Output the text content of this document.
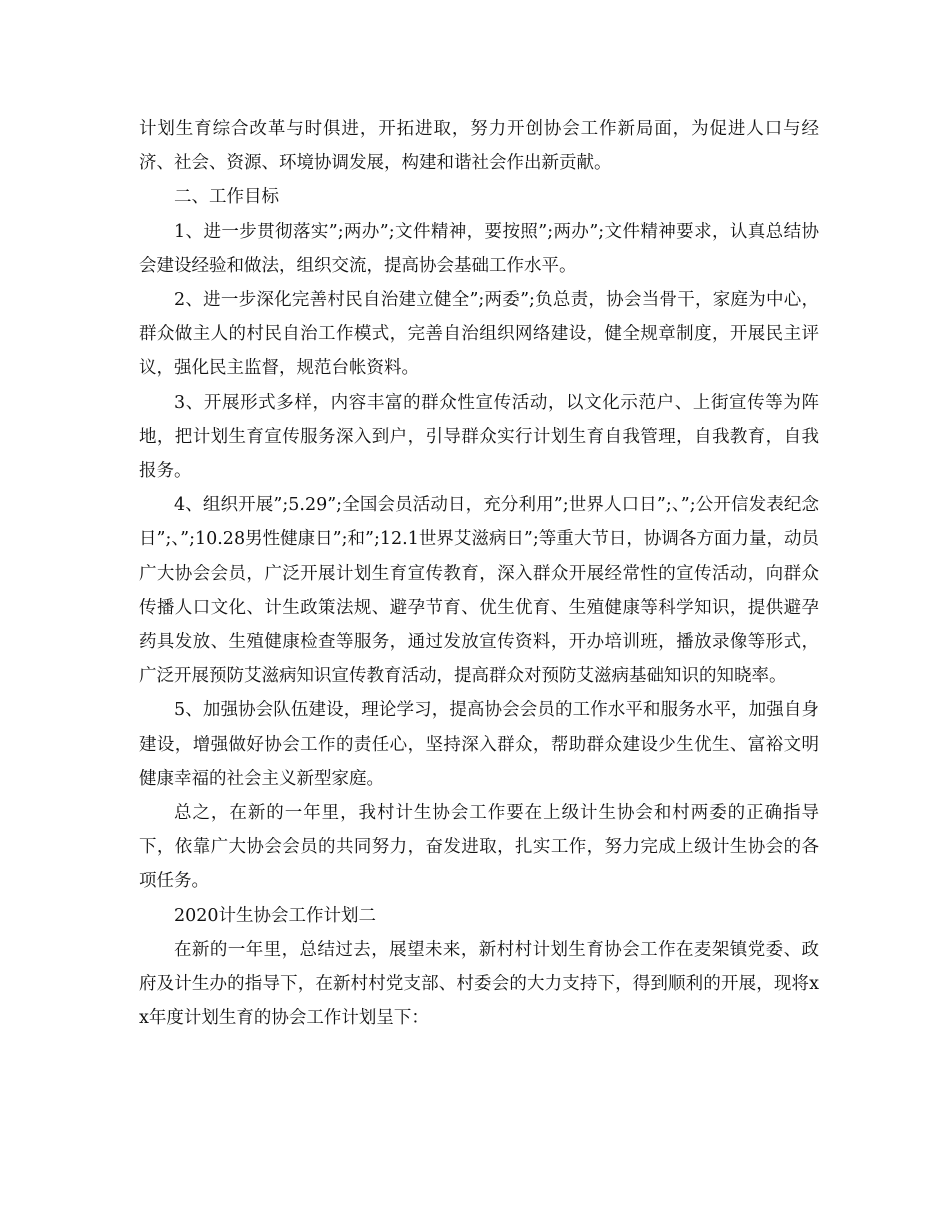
计划生育综合改革与时俱进，开拓进取，努力开创协会工作新局面，为促进人口与经济、社会、资源、环境协调发展，构建和谐社会作出新贡献。

二、工作目标

1、进一步贯彻落实”;两办”;文件精神，要按照”;两办”;文件精神要求，认真总结协会建设经验和做法，组织交流，提高协会基础工作水平。

2、进一步深化完善村民自治建立健全”;两委”;负总责，协会当骨干，家庭为中心，群众做主人的村民自治工作模式，完善自治组织网络建设，健全规章制度，开展民主评议，强化民主监督，规范台帐资料。

3、开展形式多样，内容丰富的群众性宣传活动，以文化示范户、上街宣传等为阵地，把计划生育宣传服务深入到户，引导群众实行计划生育自我管理，自我教育，自我报务。

4、组织开展”;5.29”;全国会员活动日，充分利用”;世界人口日”;、”;公开信发表纪念日”;、”;10.28男性健康日”;和”;12.1世界艾滋病日”;等重大节日，协调各方面力量，动员广大协会会员，广泛开展计划生育宣传教育，深入群众开展经常性的宣传活动，向群众传播人口文化、计生政策法规、避孕节育、优生优育、生殖健康等科学知识，提供避孕药具发放、生殖健康检查等服务，通过发放宣传资料，开办培训班，播放录像等形式，广泛开展预防艾滋病知识宣传教育活动，提高群众对预防艾滋病基础知识的知晓率。

5、加强协会队伍建设，理论学习，提高协会会员的工作水平和服务水平，加强自身建设，增强做好协会工作的责任心，坚持深入群众，帮助群众建设少生优生、富裕文明健康幸福的社会主义新型家庭。

总之，在新的一年里，我村计生协会工作要在上级计生协会和村两委的正确指导下，依靠广大协会会员的共同努力，奋发进取，扎实工作，努力完成上级计生协会的各项任务。

2020计生协会工作计划二

在新的一年里，总结过去，展望未来，新村村计划生育协会工作在麦架镇党委、政府及计生办的指导下，在新村村党支部、村委会的大力支持下，得到顺利的开展，现将xx年度计划生育的协会工作计划呈下：
